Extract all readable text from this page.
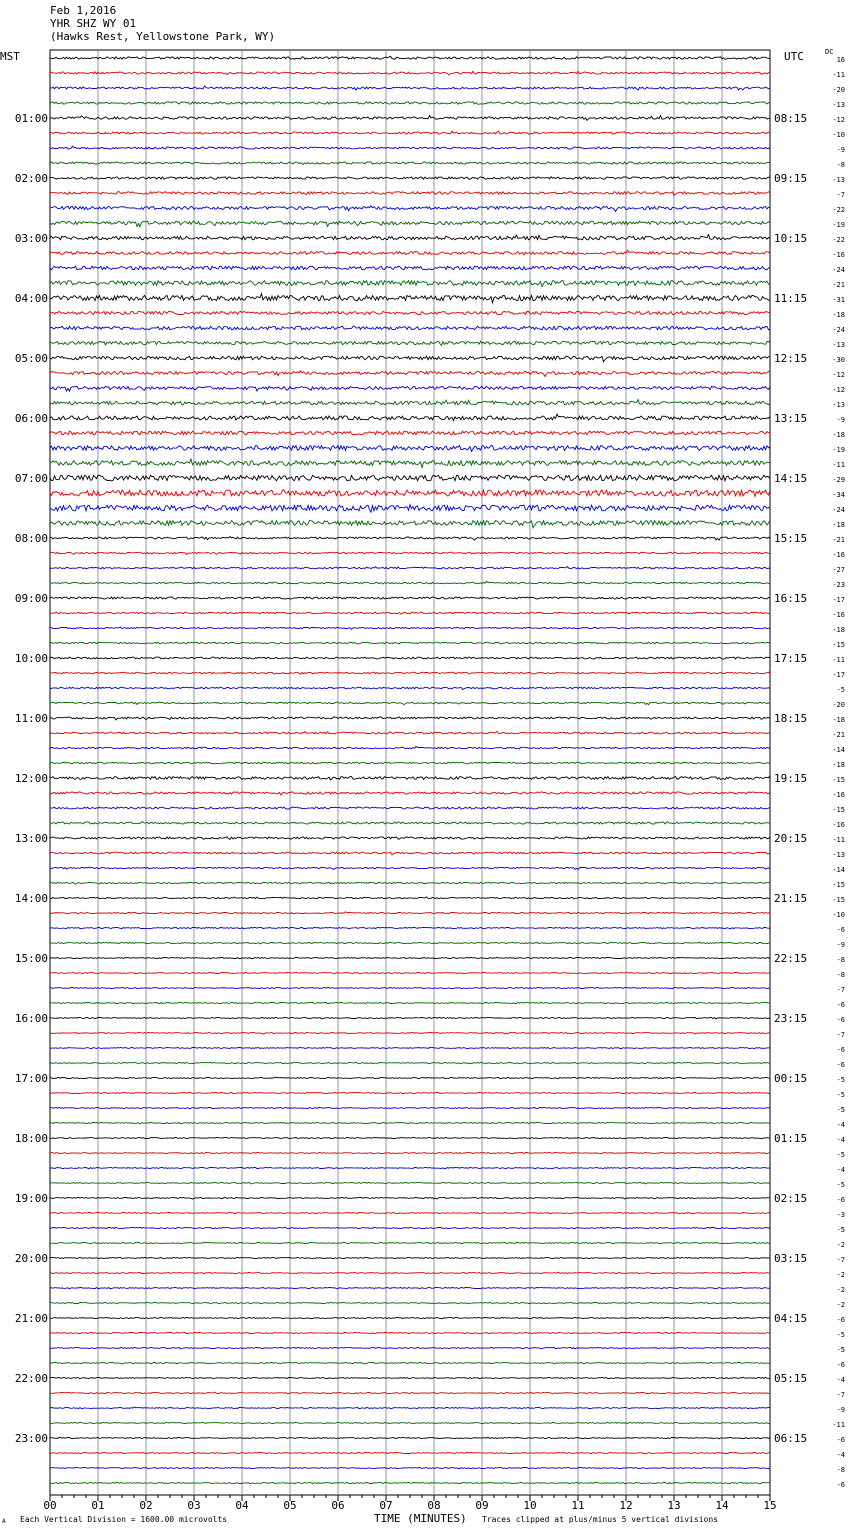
Feb 1,2016
YHR SHZ WY 01
(Hawks Rest, Yellowstone Park, WY)
MST	UTC	DC
00	01	02	03	04	05	06	07	08	09	10	11	12	13	14	15
01:00
02:00
03:00
04:00
05:00
06:00
07:00
08:00
09:00
10:00
11:00
12:00
13:00
14:00
15:00
16:00
17:00
18:00
19:00
20:00
21:00
22:00
23:00
08:15
09:15
10:15
11:15
12:15
13:15
14:15
15:15
16:15
17:15
18:15
19:15
20:15
21:15
22:15
23:15
00:15
01:15
02:15
03:15
04:15
05:15
06:15
16
-11
-20
-13
-12
-10
-9
-8
-13
-7
-22
-19
-22
-16
-24
-21
-31
-18
-24
-13
-30
-12
-12
-13
-9
-18
-19
-11
-29
-34
-24
-18
-21
-16
-27
-23
-17
-16
-18
-15
-11
-17
-5
-20
-18
-21
-14
-18
-15
-16
-15
-16
-11
-13
-14
-15
-15
-10
-6
-9
-8
-8
-7
-6
-6
-7
-6
-6
-5
-5
-5
-4
-4
-5
-4
-5
-6
-3
-5
-2
-7
-2
-2
-2
-6
-5
-5
-6
-4
-7
-9
-11
-6
-4
-8
-6
A Each Vertical Division = 1600.00 microvolts	TIME (MINUTES) Traces clipped at plus/minus 5 vertical divisions
